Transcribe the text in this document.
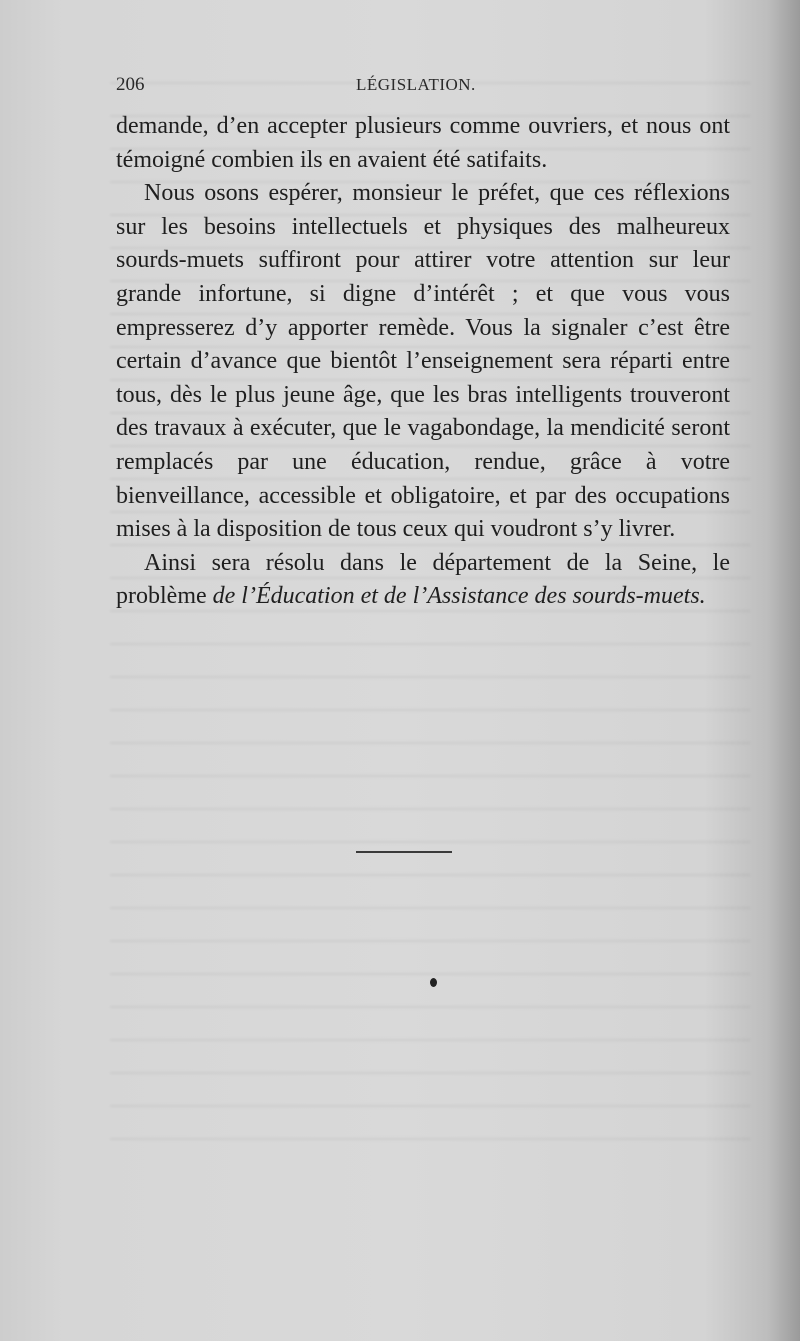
206	LÉGISLATION.

demande, d’en accepter plusieurs comme ouvriers, et nous ont témoigné combien ils en avaient été satifaits.

Nous osons espérer, monsieur le préfet, que ces réflexions sur les besoins intellectuels et physiques des malheureux sourds-muets suffiront pour attirer votre attention sur leur grande infortune, si digne d’intérêt ; et que vous vous empresserez d’y apporter remède. Vous la signaler c’est être certain d’avance que bientôt l’enseignement sera réparti entre tous, dès le plus jeune âge, que les bras intelligents trouveront des travaux à exécuter, que le vagabondage, la mendicité seront remplacés par une éducation, rendue, grâce à votre bienveillance, accessible et obligatoire, et par des occupations mises à la disposition de tous ceux qui voudront s’y livrer.

Ainsi sera résolu dans le département de la Seine, le problème de l’Éducation et de l’Assistance des sourds-muets.
